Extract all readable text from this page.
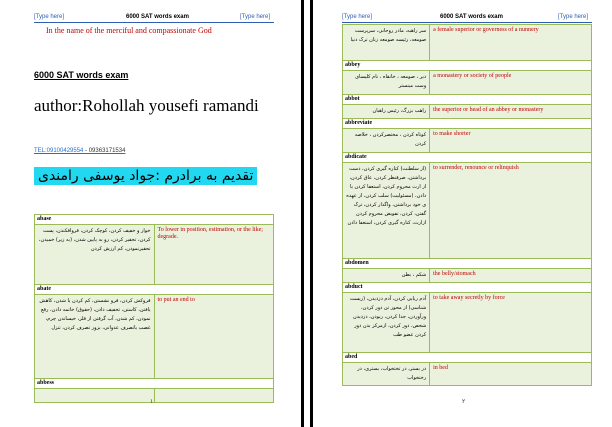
[Type here]	6000 SAT words exam	[Type here]
In the name of the merciful and compassionate God
6000 SAT words exam
author:Rohollah yousefi ramandi
TEL:09100429554 - 09363171534
تقدیم به برادرم :جواد یوسفی رامندی
abase	
خوار و خفیف کردن، کوچک کردن، فروافکندن، پست کردن، تحقیر کردن، رو به پایین شدن، (به زیر) خمیدن، تحقیرنمودن، کم ارزش کردن	To lower in position, estimation, or the like; degrade.
abate	
فروکش کردن، فرو نشستن، کم کردن یا شدن، کاهش یافتن، کاستن، تخفیف دادن، (حقوق) خاتمه دادن، رفع نمودن، کم شدن، آب گرفتن از فلز، خیساندن چرم، غصب یاتصرف عدوانی، بزور تصرف کردن، تنزل	to put an end to
abbess	

۱
[Type here]	6000 SAT words exam	[Type here]
سر راهبه، مادر روحانی، سرپرست صومعه، رئیسه صومعه زنان ترک دنیا	a female superior or governess of a nunnery
abbey	
دیر ، صومعه ، خانقاه ، نام کلیسای وست مینستر	a monastery or society of people
abbot	
راهب بزرگ، رئیس راهبان	the superior or head of an abbey or monastery
abbreviate	
کوتاه کردن ، مختصرکردن ، خلاصه کردن	to make shorter
abdicate	
(از سلطنت) کناره گیری کردن، دست برداشتن، صرفنظر کردن، عاق کردن، از ارث محروم کردن، استعفا کردن یا دادن، (مسئولیت) سلب کردن، از عهده ی خود برداشتن، واگذار کردن، ترک گفتن، کردن، تفویض محروم کردن ازارث، کناره گیری کردن، استعفا دادن	to surrender, renounce or relinquish
abdomen	
شکم ، بطن	the belly/stomach
abduct	
آدم ربایی کردن، آدم دزدیدن، (زیست شناسی) از محور تن دور کردن، ورآوردن، جدا کردن، ربودن، دزدیدن شخص، دور کردن، ازمرکز بدن دور کردن عضو طب	to take away secretly by force
abed	
در بستر، در تختخواب، بستری، در رختخواب	in bed
۲
